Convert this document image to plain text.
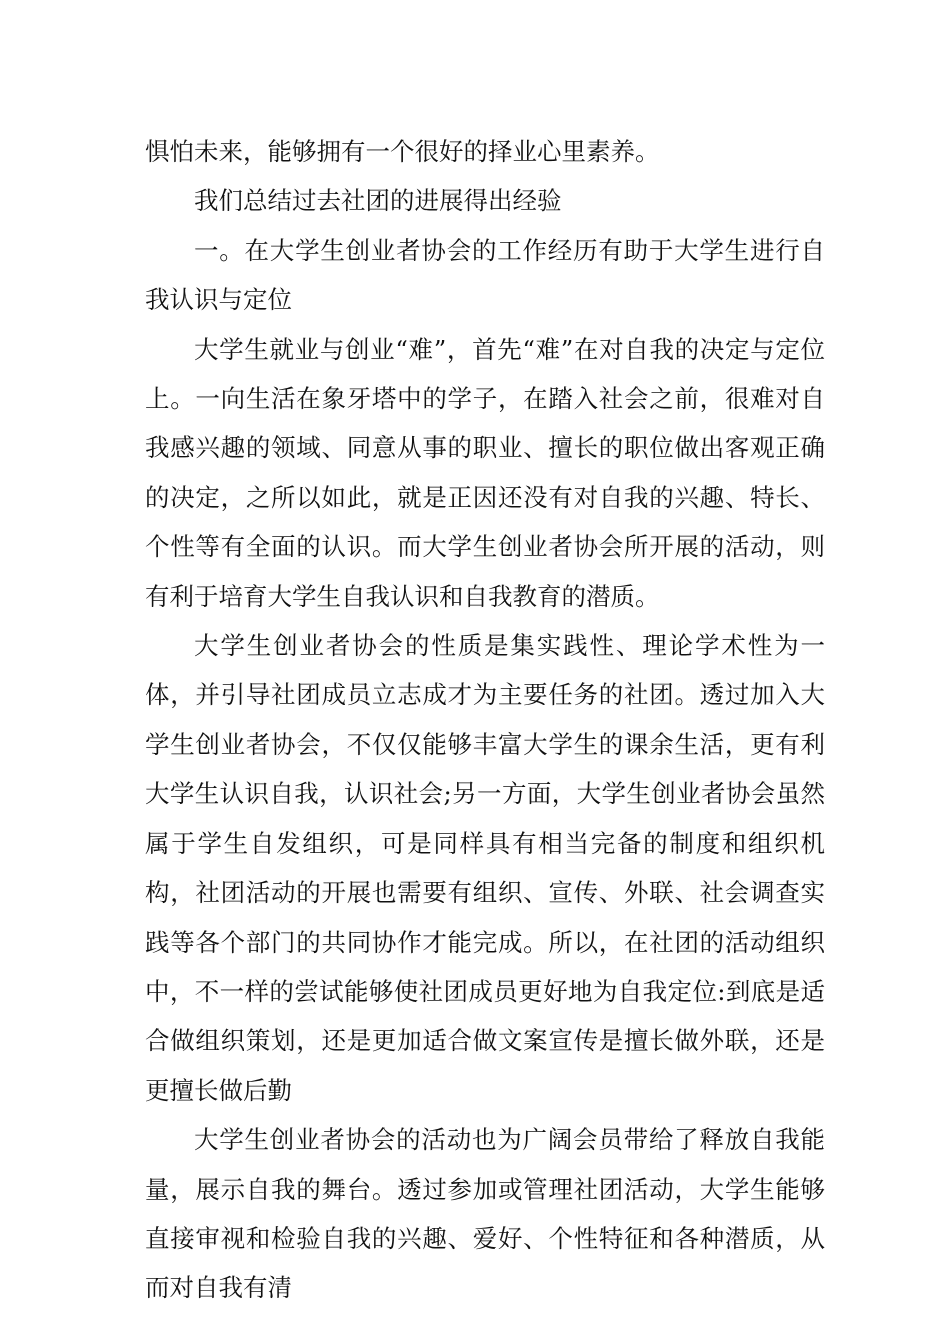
惧怕未来，能够拥有一个很好的择业心里素养。

我们总结过去社团的进展得出经验

一。在大学生创业者协会的工作经历有助于大学生进行自我认识与定位

大学生就业与创业“难”，首先“难”在对自我的决定与定位上。一向生活在象牙塔中的学子，在踏入社会之前，很难对自我感兴趣的领域、同意从事的职业、擅长的职位做出客观正确的决定，之所以如此，就是正因还没有对自我的兴趣、特长、个性等有全面的认识。而大学生创业者协会所开展的活动，则有利于培育大学生自我认识和自我教育的潜质。

大学生创业者协会的性质是集实践性、理论学术性为一体，并引导社团成员立志成才为主要任务的社团。透过加入大学生创业者协会，不仅仅能够丰富大学生的课余生活，更有利大学生认识自我，认识社会;另一方面，大学生创业者协会虽然属于学生自发组织，可是同样具有相当完备的制度和组织机构，社团活动的开展也需要有组织、宣传、外联、社会调查实践等各个部门的共同协作才能完成。所以，在社团的活动组织中，不一样的尝试能够使社团成员更好地为自我定位:到底是适合做组织策划，还是更加适合做文案宣传是擅长做外联，还是更擅长做后勤

大学生创业者协会的活动也为广阔会员带给了释放自我能量，展示自我的舞台。透过参加或管理社团活动，大学生能够直接审视和检验自我的兴趣、爱好、个性特征和各种潜质，从而对自我有清
